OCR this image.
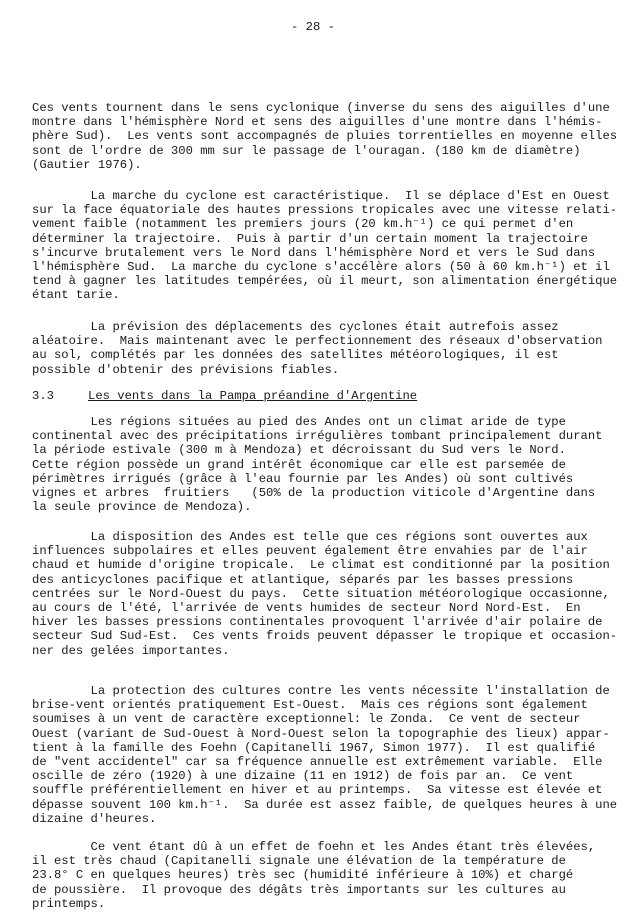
- 28 -
Ces vents tournent dans le sens cyclonique (inverse du sens des aiguilles d'une
montre dans l'hémisphère Nord et sens des aiguilles d'une montre dans l'hémis-
phère Sud).  Les vents sont accompagnés de pluies torrentielles en moyenne elles
sont de l'ordre de 300 mm sur le passage de l'ouragan. (180 km de diamètre)
(Gautier 1976).
La marche du cyclone est caractéristique.  Il se déplace d'Est en Ouest
sur la face équatoriale des hautes pressions tropicales avec une vitesse relati-
vement faible (notamment les premiers jours (20 km.h⁻¹) ce qui permet d'en
déterminer la trajectoire.  Puis à partir d'un certain moment la trajectoire
s'incurve brutalement vers le Nord dans l'hémisphère Nord et vers le Sud dans
l'hémisphère Sud.  La marche du cyclone s'accélère alors (50 à 60 km.h⁻¹) et il
tend à gagner les latitudes tempérées, où il meurt, son alimentation énergétique
étant tarie.
La prévision des déplacements des cyclones était autrefois assez
aléatoire.  Mais maintenant avec le perfectionnement des réseaux d'observation
au sol, complétés par les données des satellites météorologiques, il est
possible d'obtenir des prévisions fiables.
3.3	Les vents dans la Pampa préandine d'Argentine
Les régions situées au pied des Andes ont un climat aride de type
continental avec des précipitations irrégulières tombant principalement durant
la période estivale (300 m à Mendoza) et décroissant du Sud vers le Nord.
Cette région possède un grand intérêt économique car elle est parsemée de
périmètres irrigués (grâce à l'eau fournie par les Andes) où sont cultivés
vignes et arbres  fruitiers   (50% de la production viticole d'Argentine dans
la seule province de Mendoza).
La disposition des Andes est telle que ces régions sont ouvertes aux
influences subpolaires et elles peuvent également être envahies par de l'air
chaud et humide d'origine tropicale.  Le climat est conditionné par la position
des anticyclones pacifique et atlantique, séparés par les basses pressions
centrées sur le Nord-Ouest du pays.  Cette situation météorologique occasionne,
au cours de l'été, l'arrivée de vents humides de secteur Nord Nord-Est.  En
hiver les basses pressions continentales provoquent l'arrivée d'air polaire de
secteur Sud Sud-Est.  Ces vents froids peuvent dépasser le tropique et occasion-
ner des gelées importantes.
La protection des cultures contre les vents nécessite l'installation de
brise-vent orientés pratiquement Est-Ouest.  Mais ces régions sont également
soumises à un vent de caractère exceptionnel: le Zonda.  Ce vent de secteur
Ouest (variant de Sud-Ouest à Nord-Ouest selon la topographie des lieux) appar-
tient à la famille des Foehn (Capitanelli 1967, Simon 1977).  Il est qualifié
de "vent accidentel" car sa fréquence annuelle est extrêmement variable.  Elle
oscille de zéro (1920) à une dizaine (11 en 1912) de fois par an.  Ce vent
souffle préférentiellement en hiver et au printemps.  Sa vitesse est élevée et
dépasse souvent 100 km.h⁻¹.  Sa durée est assez faible, de quelques heures à une
dizaine d'heures.
Ce vent étant dû à un effet de foehn et les Andes étant très élevées,
il est très chaud (Capitanelli signale une élévation de la température de
23.8° C en quelques heures) très sec (humidité inférieure à 10%) et chargé
de poussière.  Il provoque des dégâts très importants sur les cultures au
printemps.
